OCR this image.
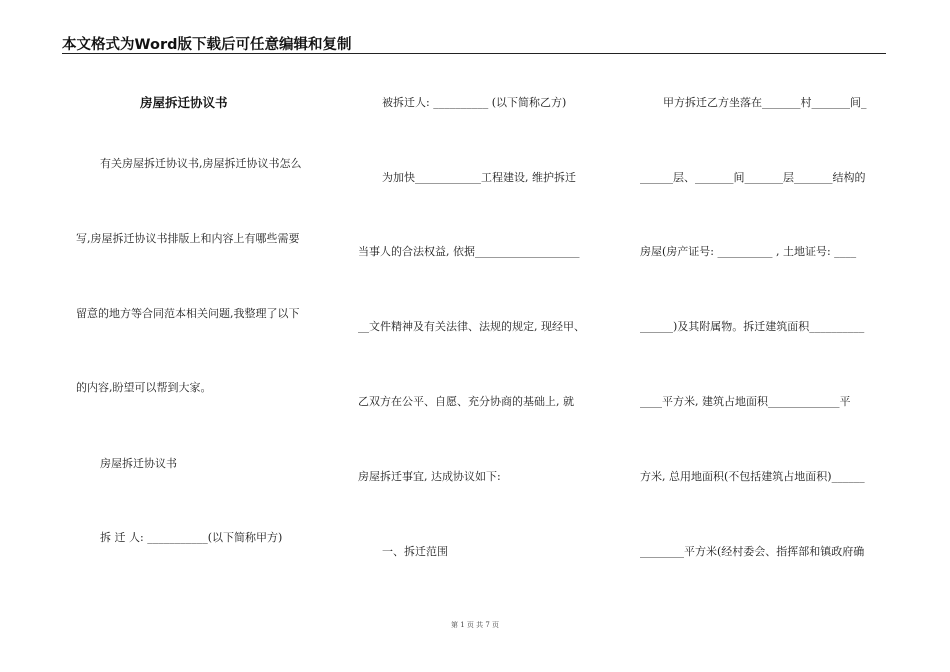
本文格式为Word版下载后可任意编辑和复制
房屋拆迁协议书
有关房屋拆迁协议书,房屋拆迁协议书怎么
写,房屋拆迁协议书排版上和内容上有哪些需要
留意的地方等合同范本相关问题,我整理了以下
的内容,盼望可以帮到大家。
房屋拆迁协议书
拆 迁 人: ___________(以下简称甲方)
被拆迁人: __________ (以下简称乙方)
为加快____________工程建设, 维护拆迁
当事人的合法权益, 依据___________________
__文件精神及有关法律、法规的规定, 现经甲、
乙双方在公平、自愿、充分协商的基础上, 就
房屋拆迁事宜, 达成协议如下:
一、拆迁范围
甲方拆迁乙方坐落在_______村_______间_
______层、_______间_______层_______结构的
房屋(房产证号: __________ , 土地证号: ____
______)及其附属物。拆迁建筑面积__________
____平方米, 建筑占地面积_____________平
方米, 总用地面积(不包括建筑占地面积)______
________平方米(经村委会、指挥部和镇政府确
第 1 页 共 7 页
